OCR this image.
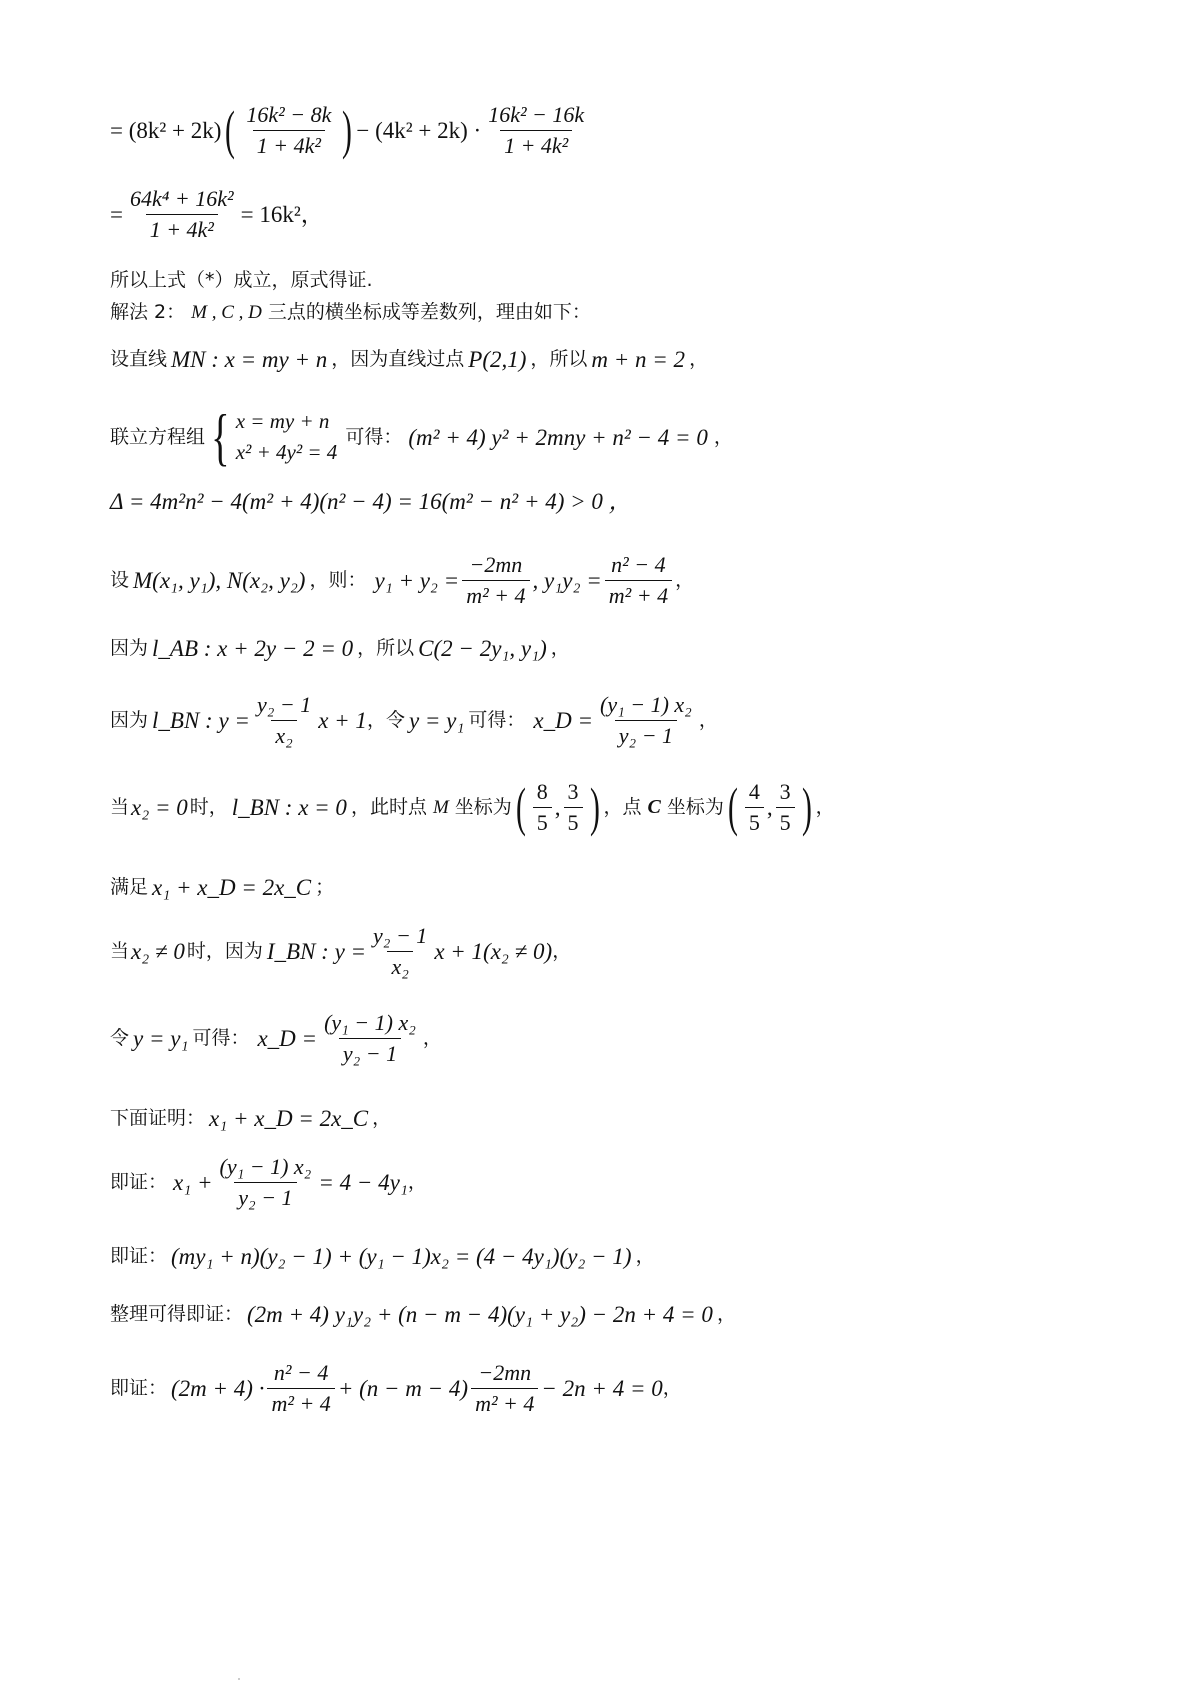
= (8k² + 2k) ( $\frac{\text{16k² − 8k}}{\text{1 + 4k²}}$ ) − $(4k^2 + 2k) \cdot \frac{\text{16k² − 16k}}{\text{1 + 4k²}}$
= $\frac{\text{64k⁴ + 16k²}}{\text{1 + 4k²}} = 16k^2$，
所以上式（*）成立，原式得证.
解法 2： M , C , D 三点的横坐标成等差数列，理由如下：
设直线 MN : x = my + n ，因为直线过点 P(2,1) ，所以 m + n = 2 ，
联立方程组 { x = my + n
x² + 4y² = 4
可得： (m² + 4) y² + 2mny + n² − 4 = 0 ，
Δ = 4m²n² − 4(m² + 4)(n² − 4) = 16(m² − n² + 4) > 0 ，
设 M(x₁, y₁), N(x₂, y₂) ，则： $y_1 + y_2 = \frac{-2mn}{\text{m² + 4}}$ , $y_1y_2 = \frac{\text{n² − 4}}{\text{m² + 4}}$ ，
因为 l_AB : x + 2y − 2 = 0 ，所以 C(2 − 2y₁, y₁) ，
因为 l_BN : $y = \frac{\text{y₂ − 1}}{\text{x₂}}$ x + 1 ，令 y = y₁ 可得： x_D = $\frac{\text{(y₁ − 1) x₂}}{\text{y₂ − 1}}$ ，
当 x₂ = 0 时， l_BN : x = 0 ，此时点 M 坐标为 ( $\frac{8}{5}$ , $\frac{3}{5}$ ) ，点 C 坐标为 ( $\frac{4}{5}$ , $\frac{3}{5}$ ) ，
满足 x₁ + x_D = 2x_C ；
当 x₂ ≠ 0 时，因为 I_BN : $y = \frac{\text{y₂ − 1}}{\text{x₂}}$ x + 1(x₂ ≠ 0) ，
令 y = y₁ 可得： x_D = $\frac{\text{(y₁ − 1) x₂}}{\text{y₂ − 1}}$ ，
下面证明： x₁ + x_D = 2x_C ，
即证： $x_1 + \frac{\text{(y₁ − 1) x₂}}{\text{y₂ − 1}} = 4 - 4y_1$ ，
即证： (my₁ + n)(y₂ − 1) + (y₁ − 1)x₂ = (4 − 4y₁)(y₂ − 1) ，
整理可得即证： (2m + 4) y₁y₂ + (n − m − 4)(y₁ + y₂) − 2n + 4 = 0 ，
即证： $(2m + 4) \cdot \frac{\text{n² − 4}}{\text{m² + 4}} + (n - m - 4) \frac{-2mn}{\text{m² + 4}} - 2n + 4 = 0$ ，
